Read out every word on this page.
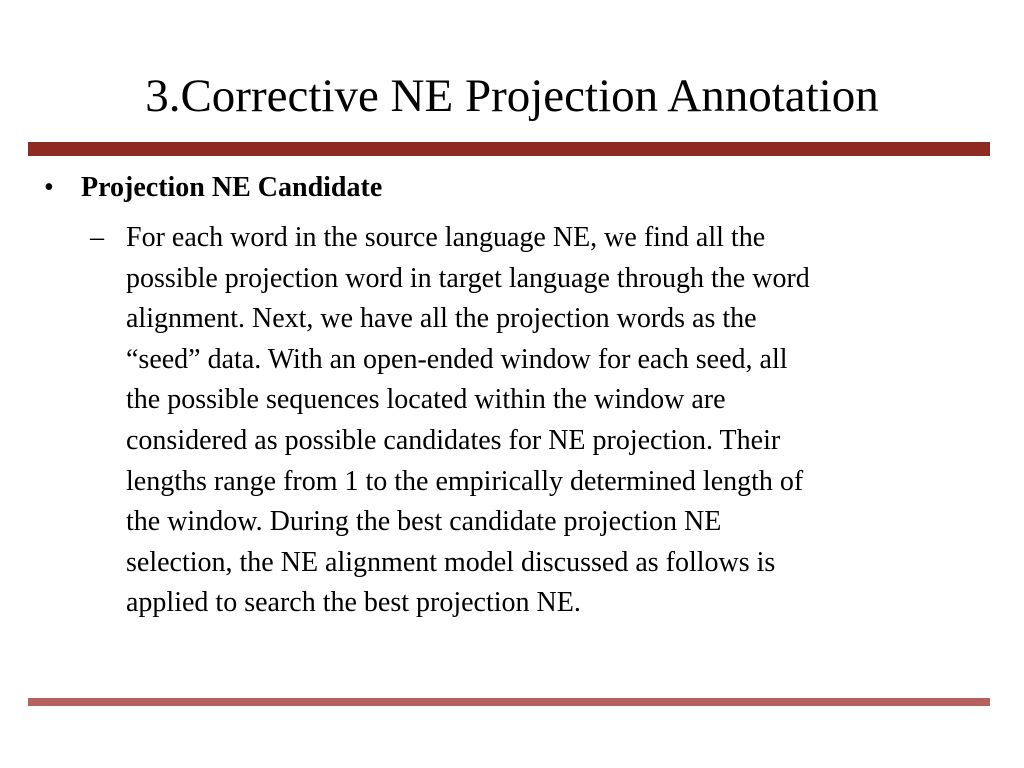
3.Corrective NE Projection Annotation
• Projection NE Candidate
– For each word in the source language NE, we find all the
possible projection word in target language through the word
alignment. Next, we have all the projection words as the
“seed” data. With an open-ended window for each seed, all
the possible sequences located within the window are
considered as possible candidates for NE projection. Their
lengths range from 1 to the empirically determined length of
the window. During the best candidate projection NE
selection, the NE alignment model discussed as follows is
applied to search the best projection NE.
